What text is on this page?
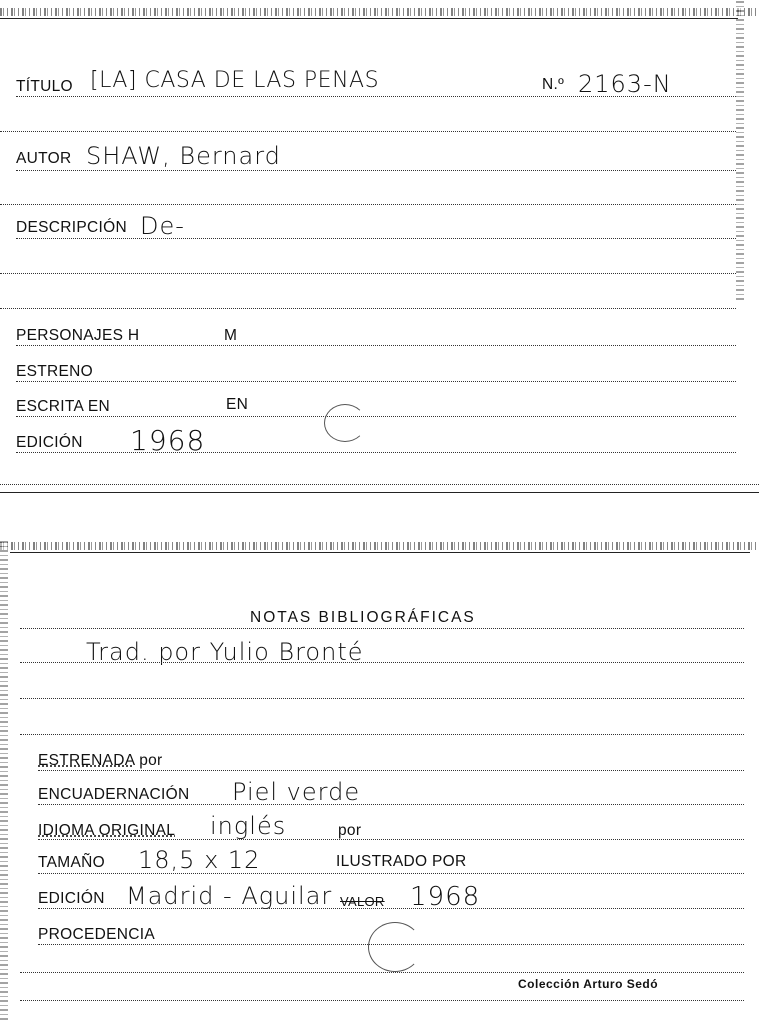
TÍTULO [LA] CASA DE LAS PENAS	N.º 2163-N
AUTOR SHAW, Bernard
DESCRIPCIÓN De-
PERSONAJES H	M
ESTRENO
ESCRITA EN	EN
EDICIÓN 1968
NOTAS BIBLIOGRÁFICAS
Trad. por Yulio Bronté
ESTRENADA por
ENCUADERNACIÓN Piel verde
IDIOMA ORIGINAL inglés	por
TAMAÑO 18,5 x 12	ILUSTRADO POR
EDICIÓN Madrid - Aguilar VALOR 1968
PROCEDENCIA
Colección Arturo Sedó
